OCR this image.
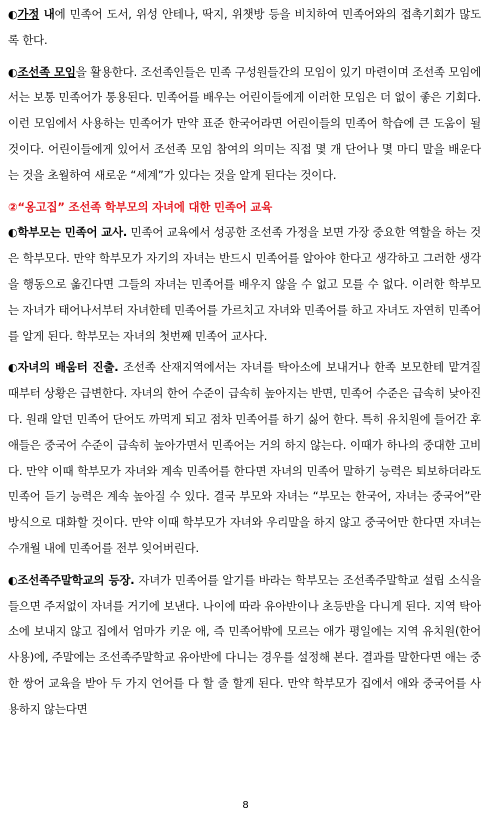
◐가정 내에 민족어 도서, 위성 안테나, 딱지, 위챗방 등을 비치하여 민족어와의 접촉기회가 많도록 한다.

◐조선족 모임을 활용한다. 조선족인들은 민족 구성원들간의 모임이 있기 마련이며 조선족 모임에서는 보통 민족어가 통용된다. 민족어를 배우는 어린이들에게 이러한 모임은 더 없이 좋은 기회다. 이런 모임에서 사용하는 민족어가 만약 표준 한국어라면 어린이들의 민족어 학습에 큰 도움이 될 것이다. 어린이들에게 있어서 조선족 모임 참여의 의미는 직접 몇 개 단어나 몇 마디 말을 배운다는 것을 초월하여 새로운 “세계”가 있다는 것을 알게 된다는 것이다.

②“옹고집” 조선족 학부모의 자녀에 대한 민족어 교육

◐학부모는 민족어 교사. 민족어 교육에서 성공한 조선족 가정을 보면 가장 중요한 역할을 하는 것은 학부모다. 만약 학부모가 자기의 자녀는 반드시 민족어를 알아야 한다고 생각하고 그러한 생각을 행동으로 옮긴다면 그들의 자녀는 민족어를 배우지 않을 수 없고 모를 수 없다. 이러한 학부모는 자녀가 태어나서부터 자녀한테 민족어를 가르치고 자녀와 민족어를 하고 자녀도 자연히 민족어를 알게 된다. 학부모는 자녀의 첫번째 민족어 교사다.

◐자녀의 배움터 진출. 조선족 산재지역에서는 자녀를 탁아소에 보내거나 한족 보모한테 맡겨질 때부터 상황은 급변한다. 자녀의 한어 수준이 급속히 높아지는 반면, 민족어 수준은 급속히 낮아진다. 원래 알던 민족어 단어도 까먹게 되고 점차 민족어를 하기 싫어 한다. 특히 유치원에 들어간 후 애들은 중국어 수준이 급속히 높아가면서 민족어는 거의 하지 않는다. 이때가 하나의 중대한 고비다. 만약 이때 학부모가 자녀와 계속 민족어를 한다면 자녀의 민족어 말하기 능력은 퇴보하더라도 민족어 듣기 능력은 계속 높아질 수 있다. 결국 부모와 자녀는 “부모는 한국어, 자녀는 중국어”란 방식으로 대화할 것이다. 만약 이때 학부모가 자녀와 우리말을 하지 않고 중국어만 한다면 자녀는 수개월 내에 민족어를 전부 잊어버린다.

◐조선족주말학교의 등장. 자녀가 민족어를 알기를 바라는 학부모는 조선족주말학교 설립 소식을 들으면 주저없이 자녀를 거기에 보낸다. 나이에 따라 유아반이나 초등반을 다니게 된다. 지역 탁아소에 보내지 않고 집에서 엄마가 키운 애, 즉 민족어밖에 모르는 애가 평일에는 지역 유치원(한어 사용)에, 주말에는 조선족주말학교 유아반에 다니는 경우를 설정해 본다. 결과를 말한다면 애는 중한 쌍어 교육을 받아 두 가지 언어를 다 할 줄 할게 된다. 만약 학부모가 집에서 애와 중국어를 사용하지 않는다면

8
